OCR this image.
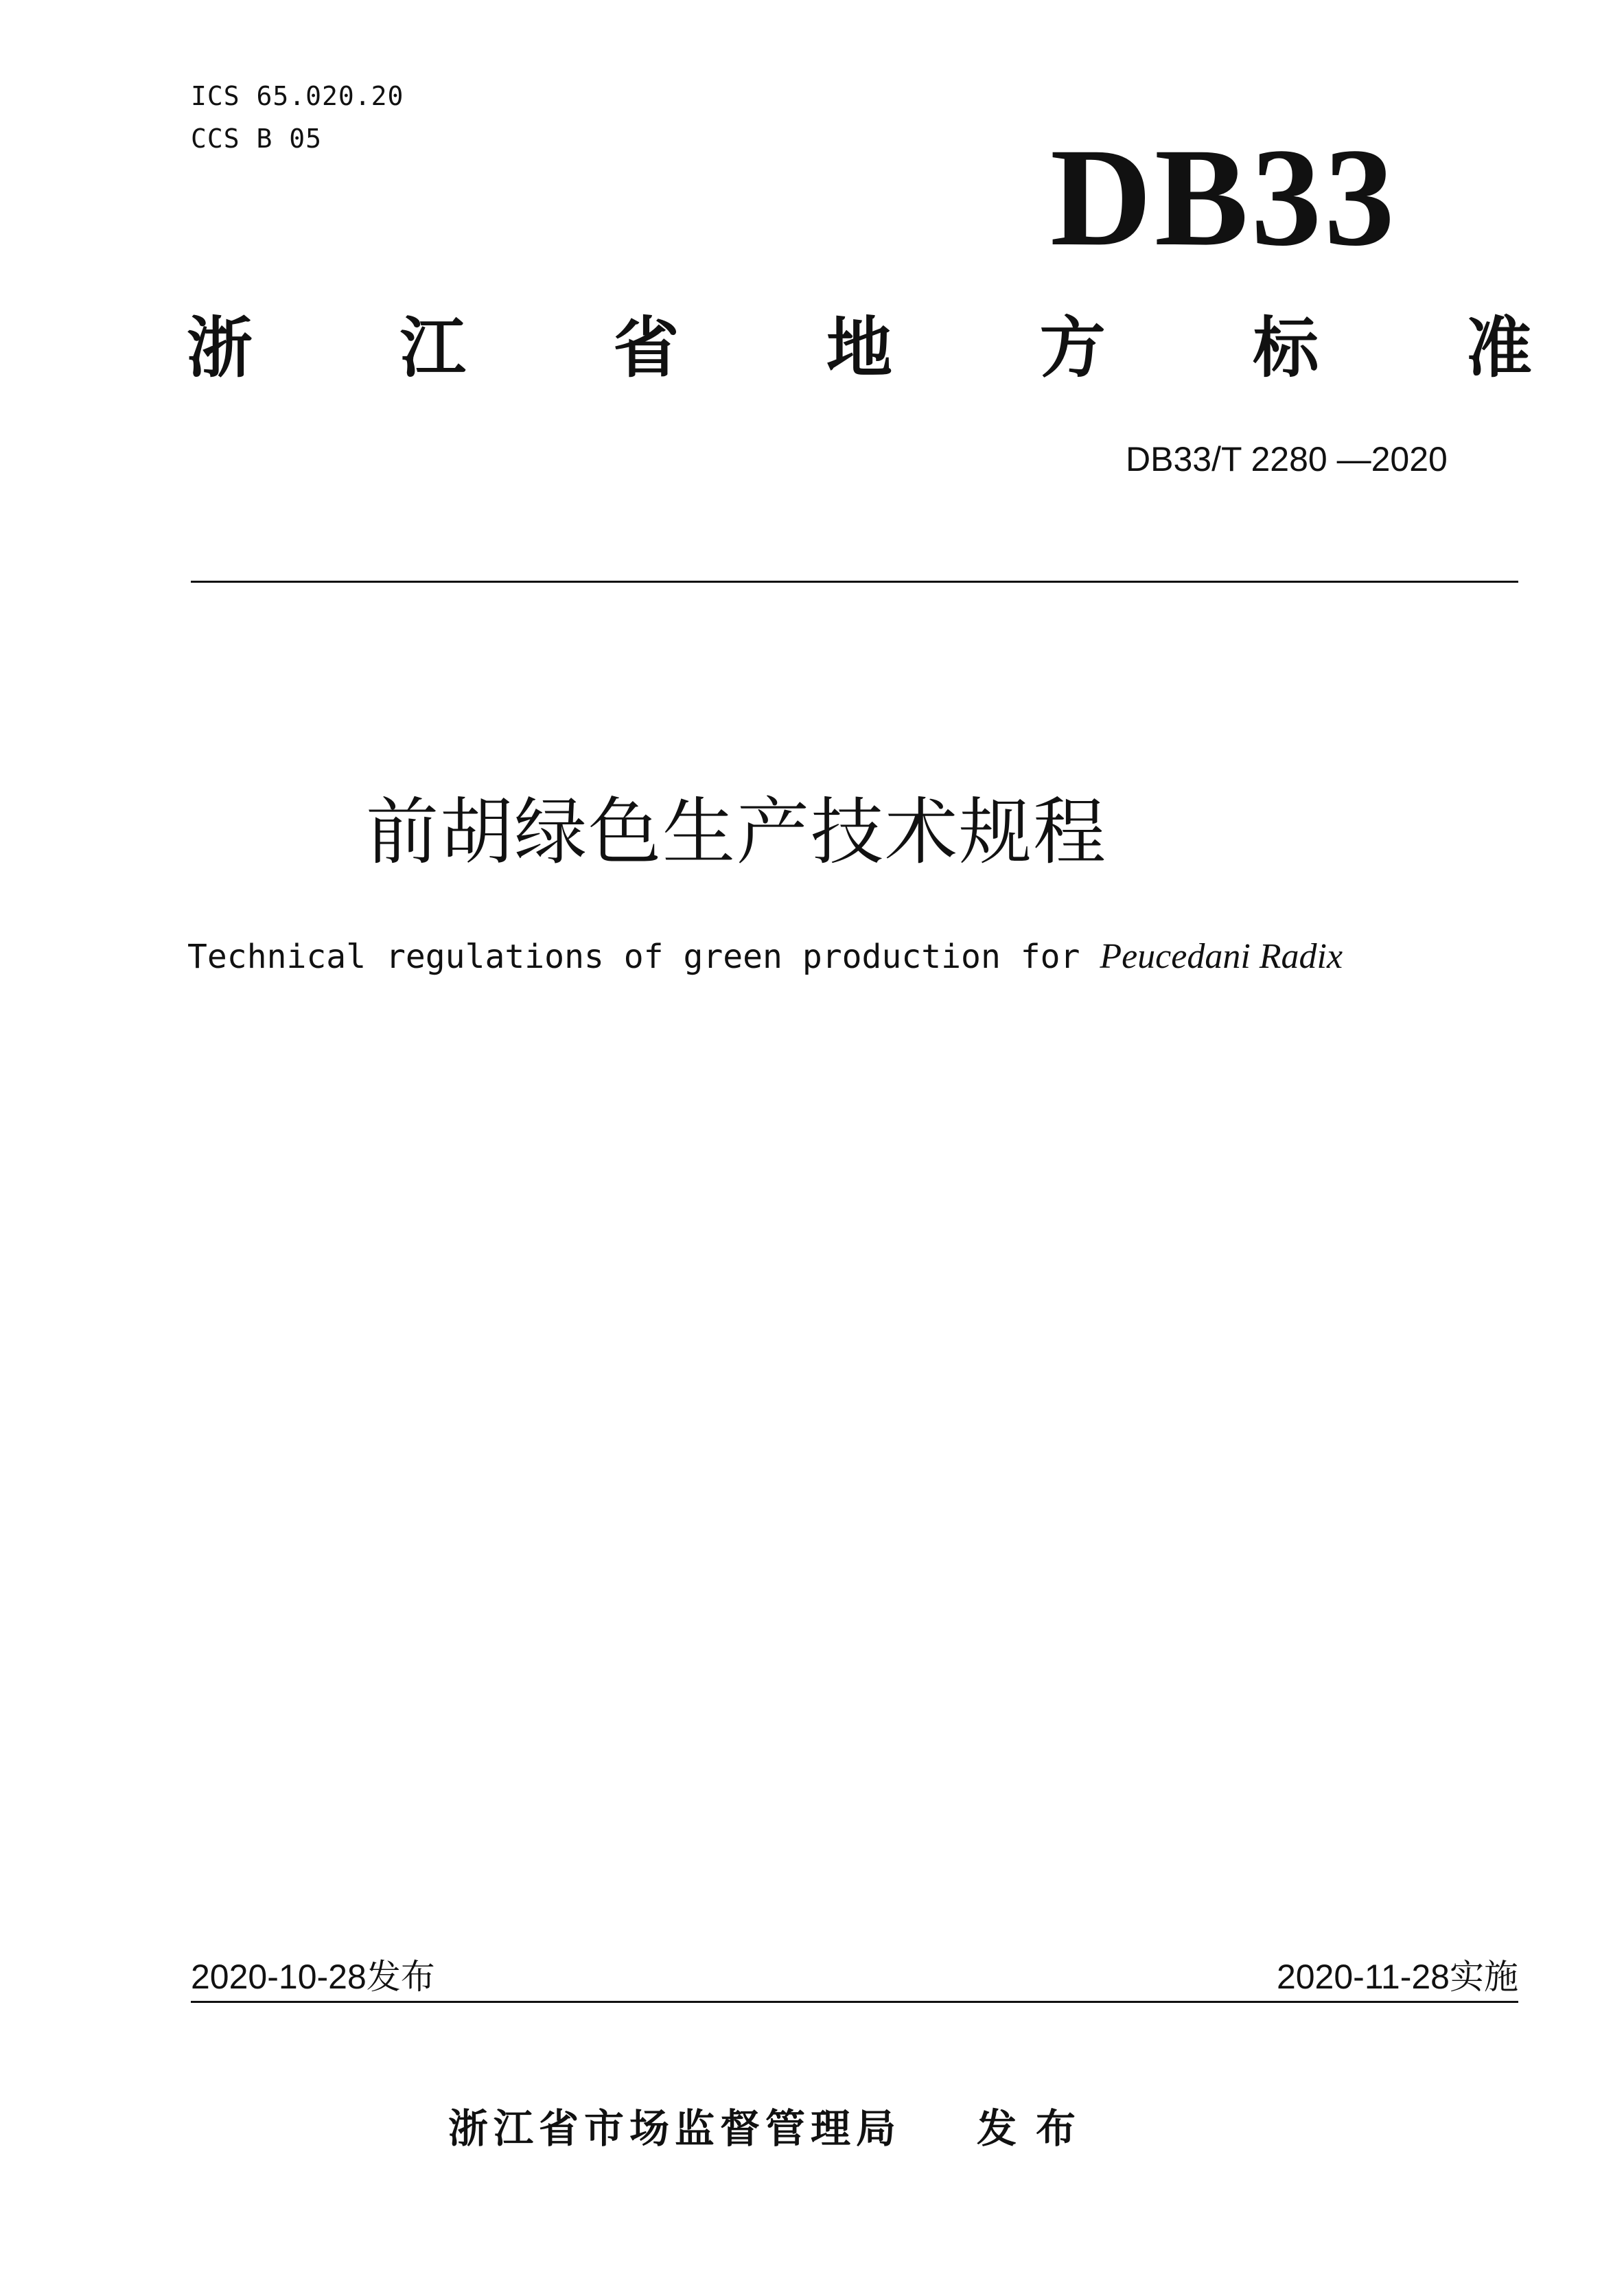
ICS 65.020.20
CCS B 05	DB33
浙 江 省 地 方 标 准
DB33/T 2280 —2020
前胡绿色生产技术规程
Technical regulations of green production for Peucedani Radix
2020-10-28发布	2020-11-28实施
浙江省市场监督管理局 发布
